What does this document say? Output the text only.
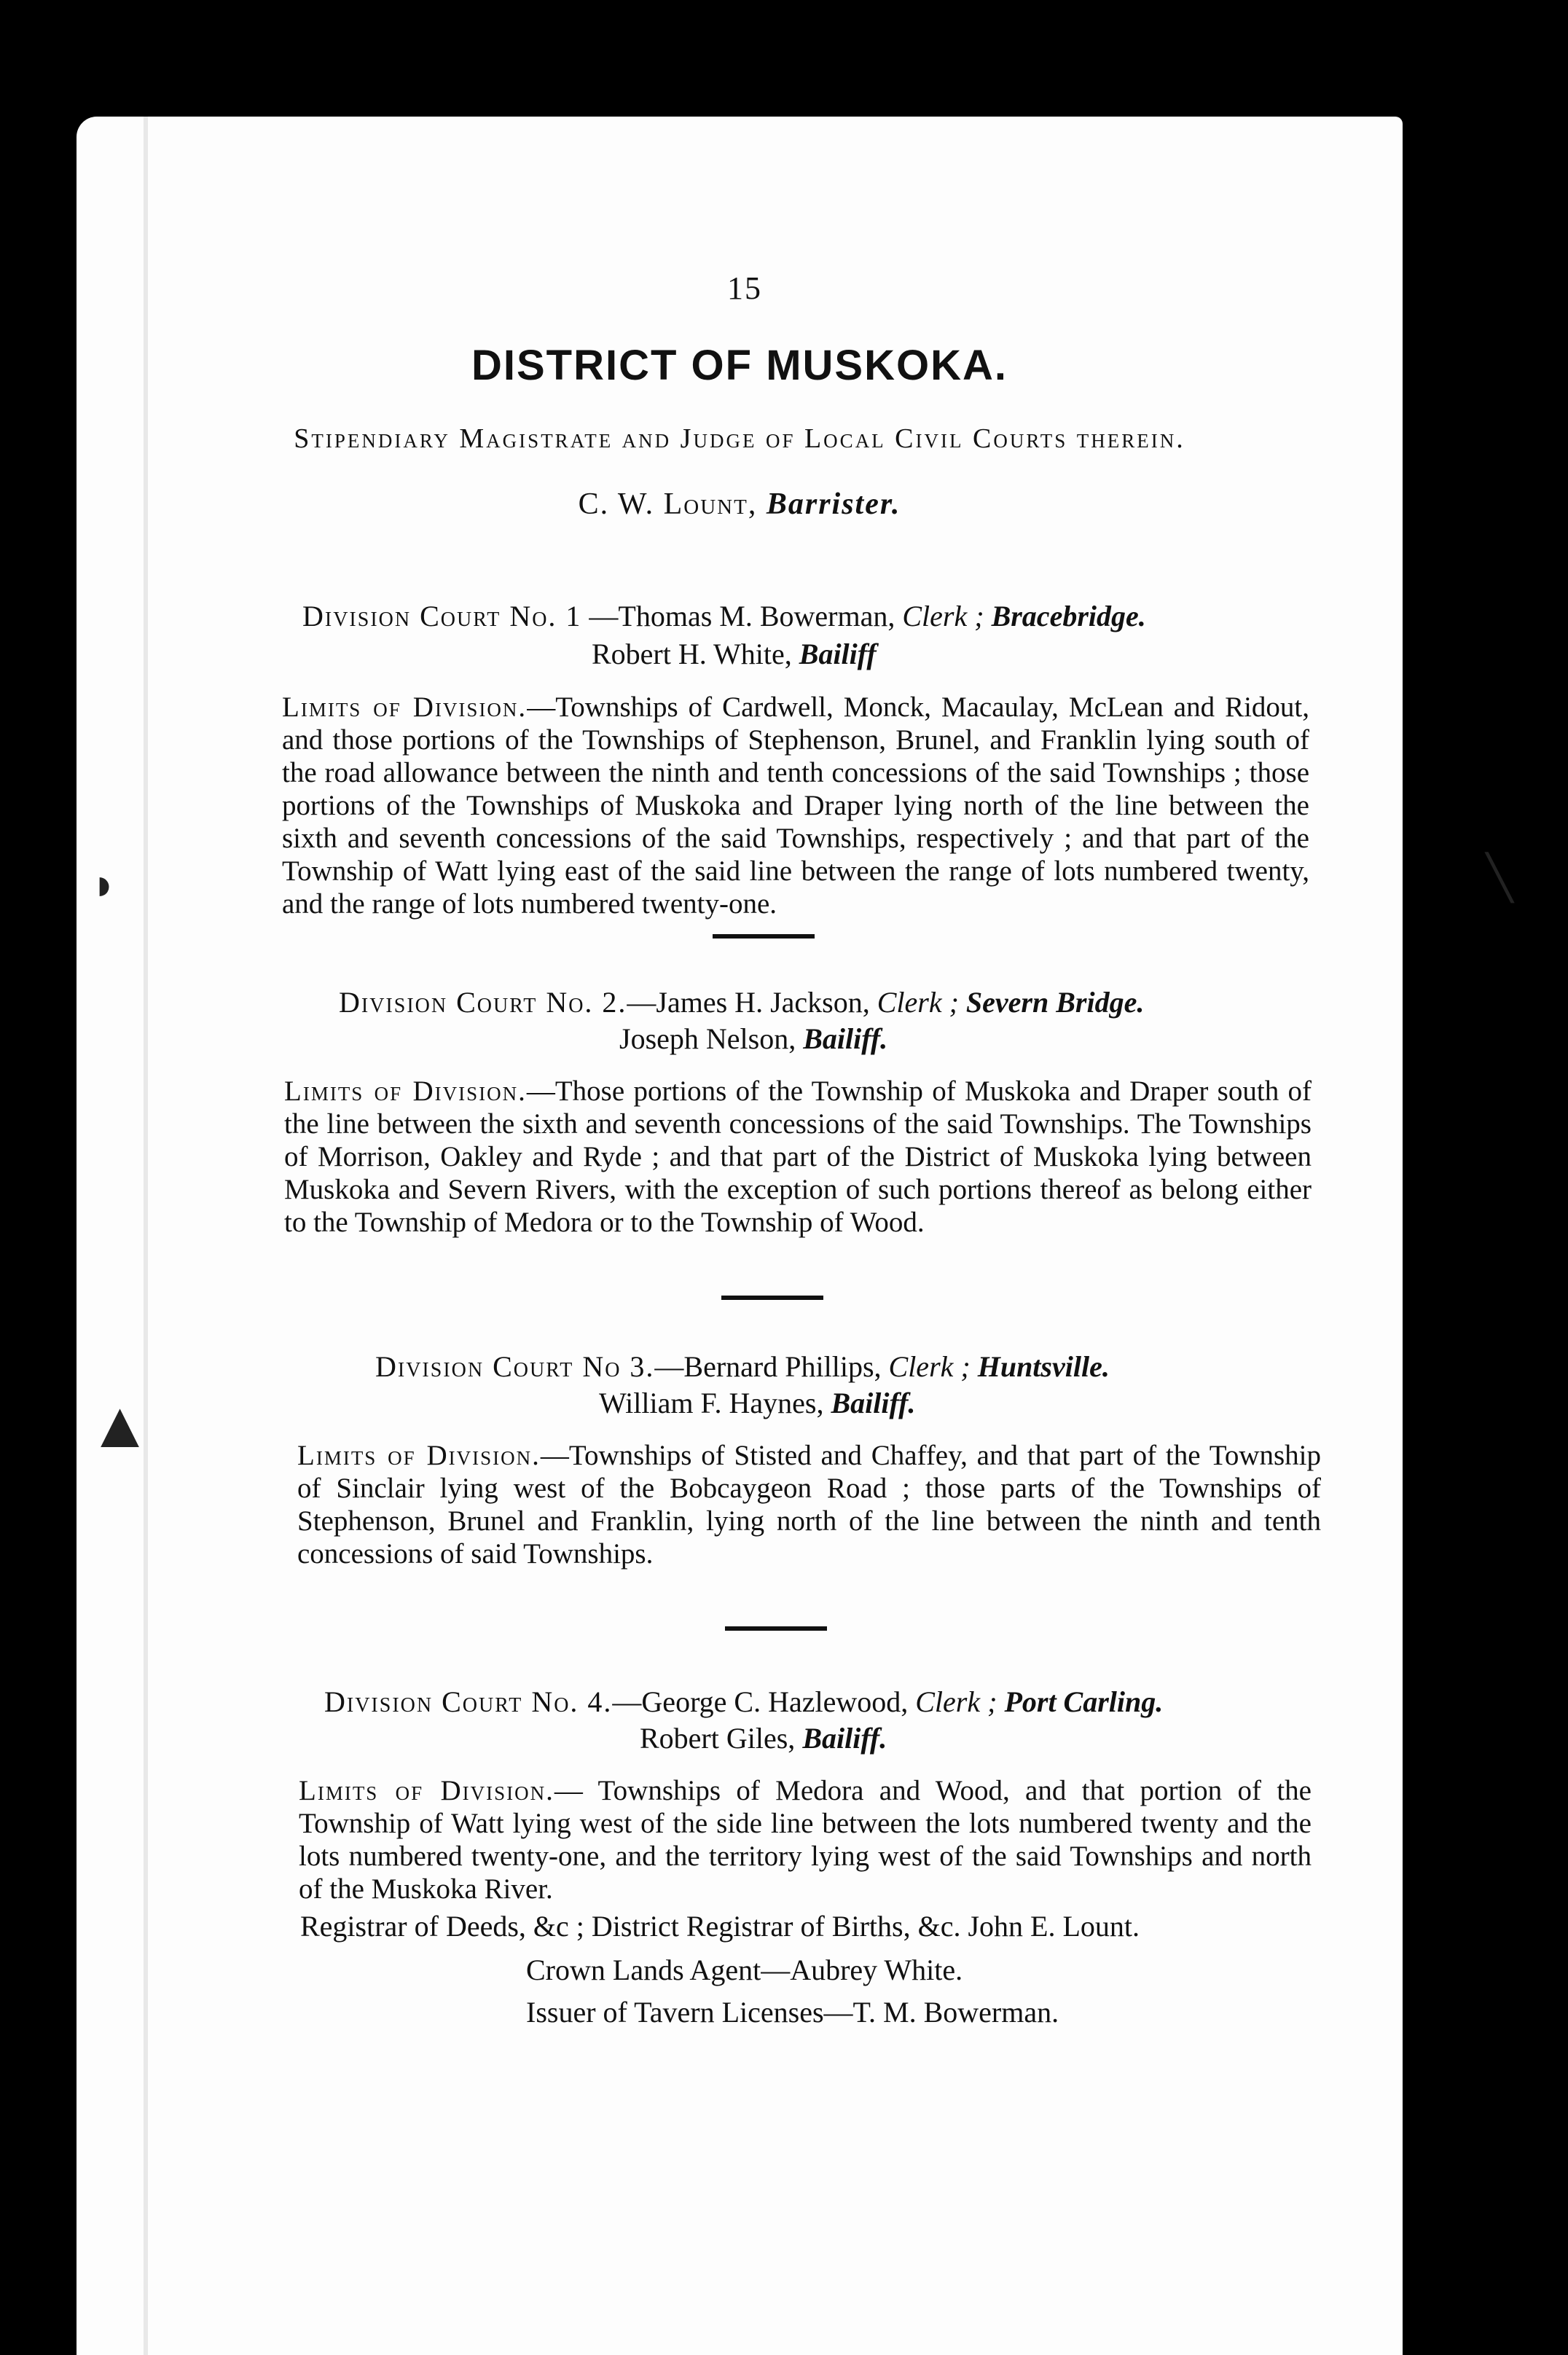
15
DISTRICT OF MUSKOKA.
Stipendiary Magistrate and Judge of Local Civil Courts therein.
C. W. Lount, Barrister.
Division Court No. 1 —Thomas M. Bowerman, Clerk ; Bracebridge.
Robert H. White, Bailiff
Limits of Division.—Townships of Cardwell, Monck, Macaulay, McLean and Ridout, and those portions of the Townships of Stephenson, Brunel, and Franklin lying south of the road allowance between the ninth and tenth concessions of the said Townships ; those portions of the Townships of Muskoka and Draper lying north of the line between the sixth and seventh concessions of the said Townships, respectively ; and that part of the Township of Watt lying east of the said line between the range of lots numbered twenty, and the range of lots numbered twenty-one.
Division Court No. 2.—James H. Jackson, Clerk ; Severn Bridge.
Joseph Nelson, Bailiff.
Limits of Division.—Those portions of the Township of Muskoka and Draper south of the line between the sixth and seventh concessions of the said Townships. The Townships of Morrison, Oakley and Ryde ; and that part of the District of Muskoka lying between Muskoka and Severn Rivers, with the exception of such portions thereof as belong either to the Township of Medora or to the Township of Wood.
Division Court No 3.—Bernard Phillips, Clerk ; Huntsville.
William F. Haynes, Bailiff.
Limits of Division.—Townships of Stisted and Chaffey, and that part of the Township of Sinclair lying west of the Bobcaygeon Road ; those parts of the Townships of Stephenson, Brunel and Franklin, lying north of the line between the ninth and tenth concessions of said Townships.
Division Court No. 4.—George C. Hazlewood, Clerk ; Port Carling.
Robert Giles, Bailiff.
Limits of Division.— Townships of Medora and Wood, and that portion of the Township of Watt lying west of the side line between the lots numbered twenty and the lots numbered twenty-one, and the territory lying west of the said Townships and north of the Muskoka River.
Registrar of Deeds, &c ; District Registrar of Births, &c. John E. Lount.
Crown Lands Agent—Aubrey White.
Issuer of Tavern Licenses—T. M. Bowerman.
◗
▲
╲
